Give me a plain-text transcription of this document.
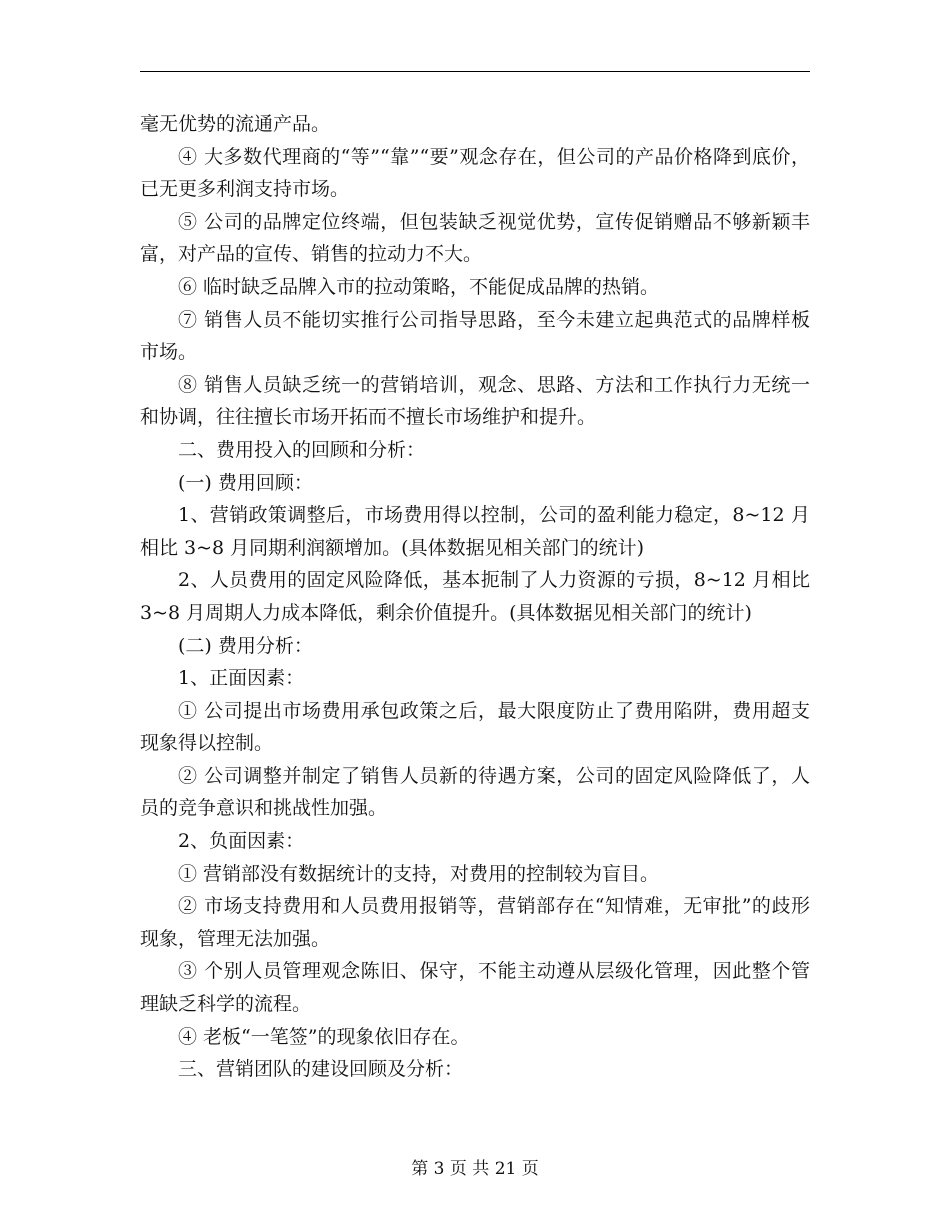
毫无优势的流通产品。

④ 大多数代理商的“等”“靠”“要”观念存在，但公司的产品价格降到底价，已无更多利润支持市场。

⑤ 公司的品牌定位终端，但包装缺乏视觉优势，宣传促销赠品不够新颖丰富，对产品的宣传、销售的拉动力不大。

⑥ 临时缺乏品牌入市的拉动策略，不能促成品牌的热销。

⑦ 销售人员不能切实推行公司指导思路，至今未建立起典范式的品牌样板市场。

⑧ 销售人员缺乏统一的营销培训，观念、思路、方法和工作执行力无统一和协调，往往擅长市场开拓而不擅长市场维护和提升。

二、费用投入的回顾和分析：

(一) 费用回顾：

1、营销政策调整后，市场费用得以控制，公司的盈利能力稳定，8~12 月相比 3~8 月同期利润额增加。(具体数据见相关部门的统计)

2、人员费用的固定风险降低，基本扼制了人力资源的亏损，8~12 月相比 3~8 月周期人力成本降低，剩余价值提升。(具体数据见相关部门的统计)

(二) 费用分析：

1、正面因素：

① 公司提出市场费用承包政策之后，最大限度防止了费用陷阱，费用超支现象得以控制。

② 公司调整并制定了销售人员新的待遇方案，公司的固定风险降低了，人员的竞争意识和挑战性加强。

2、负面因素：

① 营销部没有数据统计的支持，对费用的控制较为盲目。

② 市场支持费用和人员费用报销等，营销部存在“知情难，无审批”的歧形现象，管理无法加强。

③ 个别人员管理观念陈旧、保守，不能主动遵从层级化管理，因此整个管理缺乏科学的流程。

④ 老板“一笔签”的现象依旧存在。

三、营销团队的建设回顾及分析：

第 3 页 共 21 页
